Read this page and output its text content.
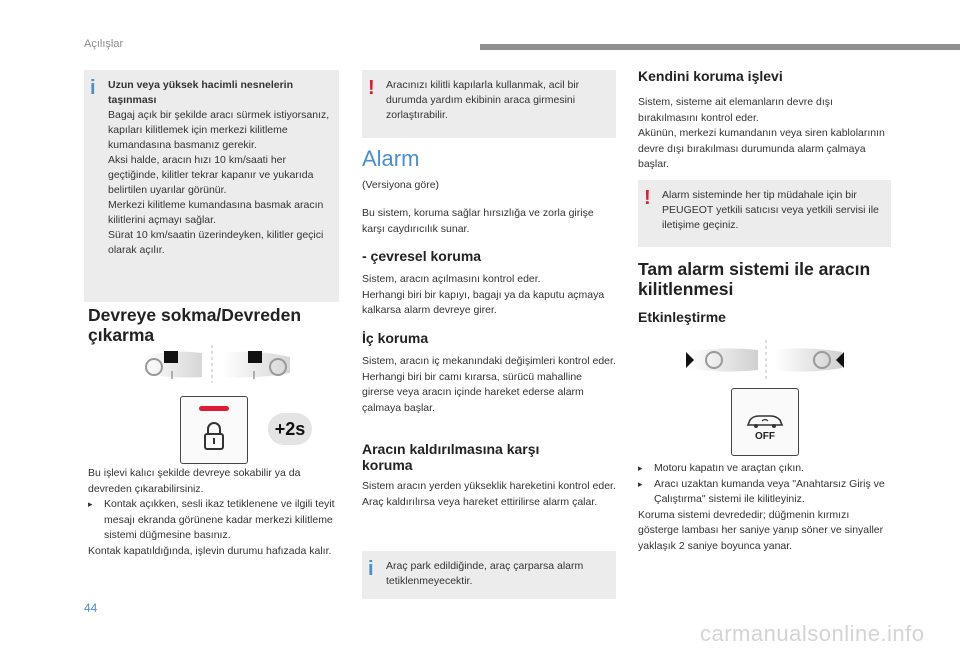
Açılışlar
i Uzun veya yüksek hacimli nesnelerin taşınması

Bagaj açık bir şekilde aracı sürmek istiyorsanız, kapıları kilitlemek için merkezi kilitleme kumandasına basmanız gerekir.

Aksi halde, aracın hızı 10 km/saati her geçtiğinde, kilitler tekrar kapanır ve yukarıda belirtilen uyarılar görünür.

Merkezi kilitleme kumandasına basmak aracın kilitlerini açmayı sağlar.

Sürat 10 km/saatin üzerindeyken, kilitler geçici olarak açılır.

Devreye sokma/Devreden çıkarma
+2s

Bu işlevi kalıcı şekilde devreye sokabilir ya da devreden çıkarabilirsiniz.

▸ Kontak açıkken, sesli ikaz tetiklenene ve ilgili teyit mesajı ekranda görünene kadar merkezi kilitleme sistemi düğmesine basınız.

Kontak kapatıldığında, işlevin durumu hafızada kalır.

! Aracınızı kilitli kapılarla kullanmak, acil bir durumda yardım ekibinin araca girmesini zorlaştırabilir.

Alarm
(Versiyona göre)
Bu sistem, koruma sağlar hırsızlığa ve zorla girişe karşı caydırıcılık sunar.
- çevresel koruma

Sistem, aracın açılmasını kontrol eder.

Herhangi biri bir kapıyı, bagajı ya da kaputu açmaya kalkarsa alarm devreye girer.

İç koruma

Sistem, aracın iç mekanındaki değişimleri kontrol eder.

Herhangi biri bir camı kırarsa, sürücü mahalline girerse veya aracın içinde hareket ederse alarm çalmaya başlar.

Aracın kaldırılmasına karşı koruma

Sistem aracın yerden yükseklik hareketini kontrol eder.

Araç kaldırılırsa veya hareket ettirilirse alarm çalar.

i Araç park edildiğinde, araç çarparsa alarm tetiklenmeyecektir.

Kendini koruma işlevi

Sistem, sisteme ait elemanların devre dışı bırakılmasını kontrol eder.

Akünün, merkezi kumandanın veya siren kablolarının devre dışı bırakılması durumunda alarm çalmaya başlar.

! Alarm sisteminde her tip müdahale için bir PEUGEOT yetkili satıcısı veya yetkili servisi ile iletişime geçiniz.

Tam alarm sistemi ile aracın kilitlenmesi
Etkinleştirme
OFF
▸ Motoru kapatın ve araçtan çıkın.
▸ Aracı uzaktan kumanda veya "Anahtarsız Giriş ve Çalıştırma" sistemi ile kilitleyiniz.

Koruma sistemi devrededir; düğmenin kırmızı gösterge lambası her saniye yanıp söner ve sinyaller yaklaşık 2 saniye boyunca yanar.

44
carmanualsonline.info
